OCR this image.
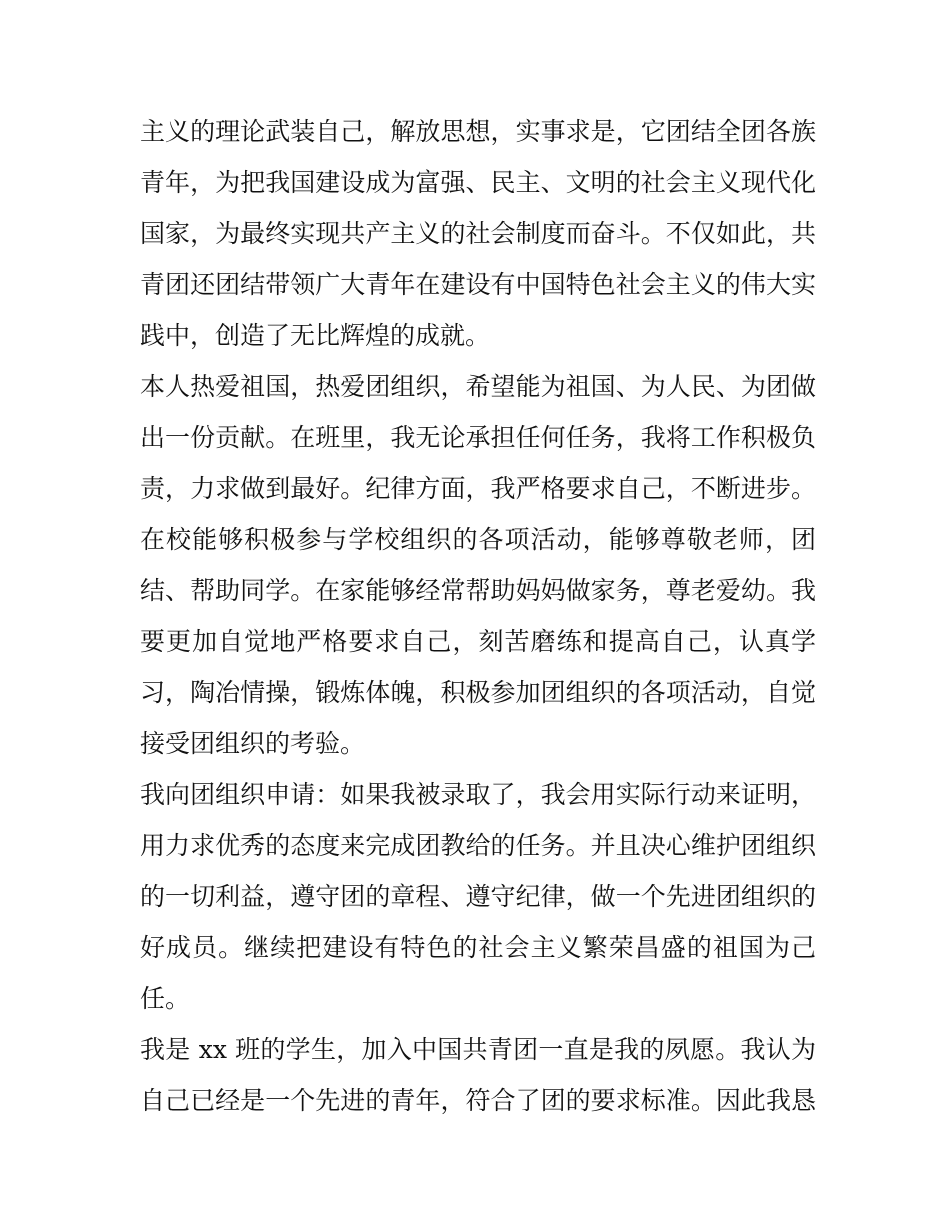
主义的理论武装自己，解放思想，实事求是，它团结全团各族
青年，为把我国建设成为富强、民主、文明的社会主义现代化
国家，为最终实现共产主义的社会制度而奋斗。不仅如此，共
青团还团结带领广大青年在建设有中国特色社会主义的伟大实
践中，创造了无比辉煌的成就。
本人热爱祖国，热爱团组织，希望能为祖国、为人民、为团做
出一份贡献。在班里，我无论承担任何任务，我将工作积极负
责，力求做到最好。纪律方面，我严格要求自己，不断进步。
在校能够积极参与学校组织的各项活动，能够尊敬老师，团
结、帮助同学。在家能够经常帮助妈妈做家务，尊老爱幼。我
要更加自觉地严格要求自己，刻苦磨练和提高自己，认真学
习，陶冶情操，锻炼体魄，积极参加团组织的各项活动，自觉
接受团组织的考验。
我向团组织申请：如果我被录取了，我会用实际行动来证明，
用力求优秀的态度来完成团教给的任务。并且决心维护团组织
的一切利益，遵守团的章程、遵守纪律，做一个先进团组织的
好成员。继续把建设有特色的社会主义繁荣昌盛的祖国为己
任。
我是 xx 班的学生，加入中国共青团一直是我的夙愿。我认为
自己已经是一个先进的青年，符合了团的要求标准。因此我恳
